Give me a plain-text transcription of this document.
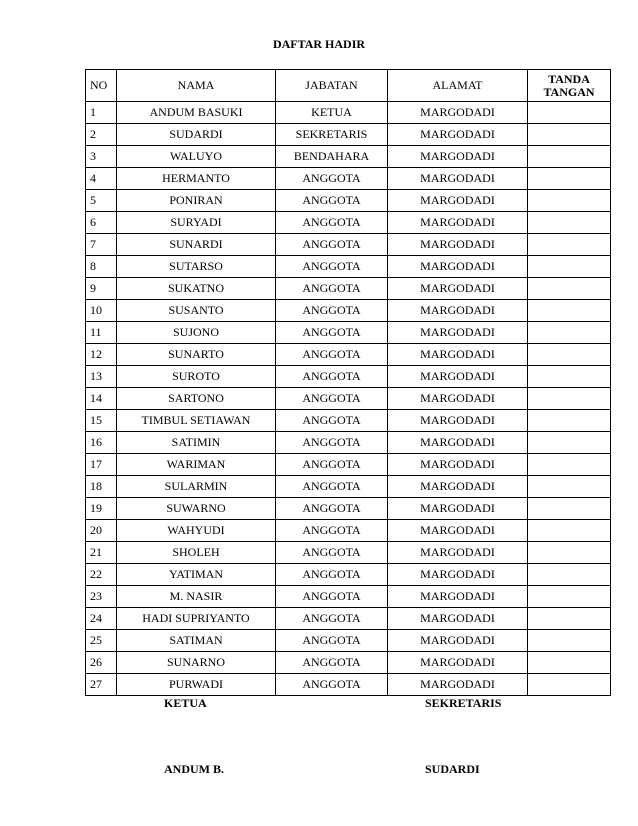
DAFTAR HADIR
NO	NAMA	JABATAN	ALAMAT	TANDA TANGAN
1	ANDUM BASUKI	KETUA	MARGODADI	
2	SUDARDI	SEKRETARIS	MARGODADI	
3	WALUYO	BENDAHARA	MARGODADI	
4	HERMANTO	ANGGOTA	MARGODADI	
5	PONIRAN	ANGGOTA	MARGODADI	
6	SURYADI	ANGGOTA	MARGODADI	
7	SUNARDI	ANGGOTA	MARGODADI	
8	SUTARSO	ANGGOTA	MARGODADI	
9	SUKATNO	ANGGOTA	MARGODADI	
10	SUSANTO	ANGGOTA	MARGODADI	
11	SUJONO	ANGGOTA	MARGODADI	
12	SUNARTO	ANGGOTA	MARGODADI	
13	SUROTO	ANGGOTA	MARGODADI	
14	SARTONO	ANGGOTA	MARGODADI	
15	TIMBUL SETIAWAN	ANGGOTA	MARGODADI	
16	SATIMIN	ANGGOTA	MARGODADI	
17	WARIMAN	ANGGOTA	MARGODADI	
18	SULARMIN	ANGGOTA	MARGODADI	
19	SUWARNO	ANGGOTA	MARGODADI	
20	WAHYUDI	ANGGOTA	MARGODADI	
21	SHOLEH	ANGGOTA	MARGODADI	
22	YATIMAN	ANGGOTA	MARGODADI	
23	M. NASIR	ANGGOTA	MARGODADI	
24	HADI SUPRIYANTO	ANGGOTA	MARGODADI	
25	SATIMAN	ANGGOTA	MARGODADI	
26	SUNARNO	ANGGOTA	MARGODADI	
27	PURWADI	ANGGOTA	MARGODADI	
KETUA	SEKRETARIS
ANDUM B.	SUDARDI
